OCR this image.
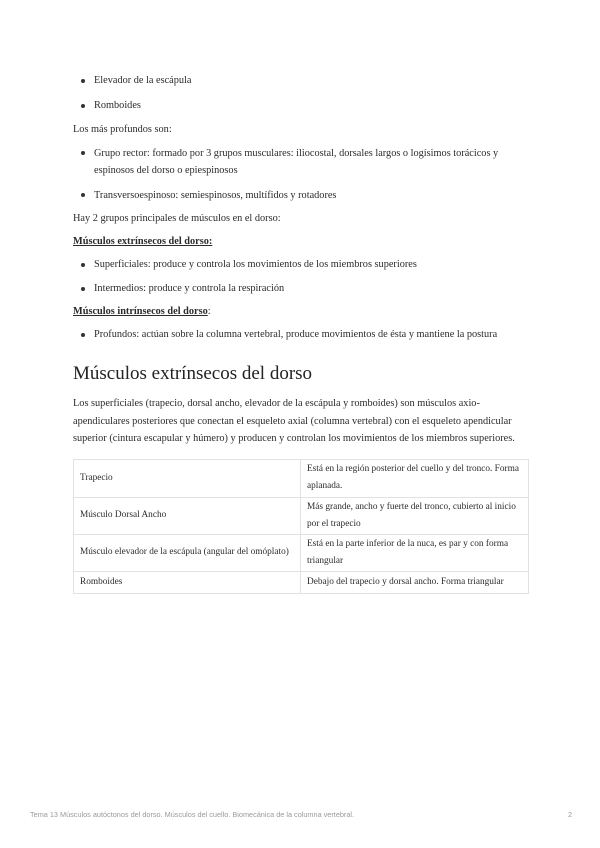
Elevador de la escápula
Romboides

Los más profundos son:

Grupo rector: formado por 3 grupos musculares: iliocostal, dorsales largos o logísimos torácicos y espinosos del dorso o epiespinosos
Transversoespinoso: semiespinosos, multífidos y rotadores

Hay 2 grupos principales de músculos en el dorso:

Músculos extrínsecos del dorso:
Superficiales: produce y controla los movimientos de los miembros superiores
Intermedios: produce y controla la respiración
Músculos intrínsecos del dorso:
Profundos: actúan sobre la columna vertebral, produce movimientos de ésta y mantiene la postura
Músculos extrínsecos del dorso

Los superficiales (trapecio, dorsal ancho, elevador de la escápula y romboides) son músculos axio-apendiculares posteriores que conectan el esqueleto axial (columna vertebral) con el esqueleto apendicular superior (cintura escapular y húmero) y producen y controlan los movimientos de los miembros superiores.

Trapecio	Está en la región posterior del cuello y del tronco. Forma aplanada.
Músculo Dorsal Ancho	Más grande, ancho y fuerte del tronco, cubierto al inicio por el trapecio
Músculo elevador de la escápula (angular del omóplato)	Está en la parte inferior de la nuca, es par y con forma triangular
Romboides	Debajo del trapecio y dorsal ancho. Forma triangular
Tema 13 Músculos autóctonos del dorso. Músculos del cuello. Biomecánica de la columna vertebral.	2
